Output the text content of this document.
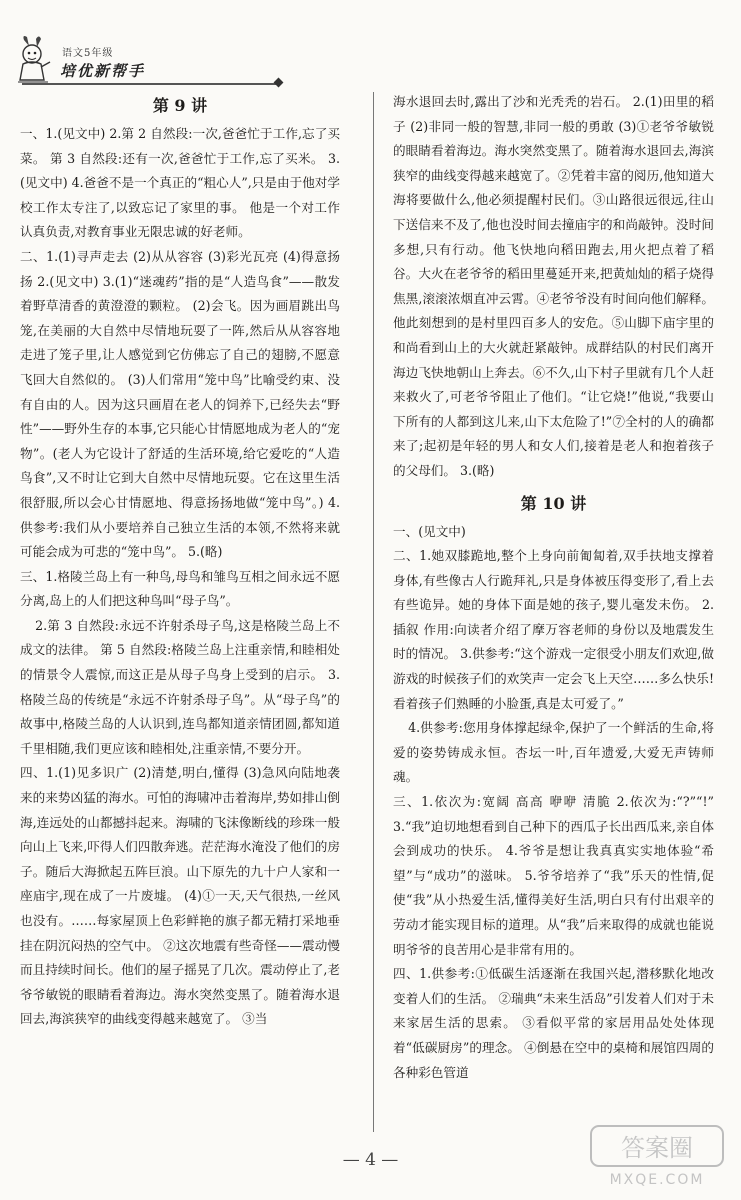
语文5年级
培优新帮手
第 9 讲

一、1.(见文中) 2.第 2 自然段:一次,爸爸忙于工作,忘了买菜。 第 3 自然段:还有一次,爸爸忙于工作,忘了买米。 3.(见文中) 4.爸爸不是一个真正的“粗心人”,只是由于他对学校工作太专注了,以致忘记了家里的事。 他是一个对工作认真负责,对教育事业无限忠诚的好老师。

二、1.(1)寻声走去 (2)从从容容 (3)彩光瓦亮 (4)得意扬扬 2.(见文中) 3.(1)“迷魂药”指的是“人造鸟食”——散发着野草清香的黄澄澄的颗粒。 (2)会飞。因为画眉跳出鸟笼,在美丽的大自然中尽情地玩耍了一阵,然后从从容容地走进了笼子里,让人感觉到它仿佛忘了自己的翅膀,不愿意飞回大自然似的。 (3)人们常用“笼中鸟”比喻受约束、没有自由的人。因为这只画眉在老人的饲养下,已经失去“野性”——野外生存的本事,它只能心甘情愿地成为老人的“宠物”。(老人为它设计了舒适的生活环境,给它爱吃的“人造鸟食”,又不时让它到大自然中尽情地玩耍。它在这里生活很舒服,所以会心甘情愿地、得意扬扬地做“笼中鸟”。) 4.供参考:我们从小要培养自己独立生活的本领,不然将来就可能会成为可悲的“笼中鸟”。 5.(略)

三、1.格陵兰岛上有一种鸟,母鸟和雏鸟互相之间永远不愿分离,岛上的人们把这种鸟叫“母子鸟”。

2.第 3 自然段:永远不许射杀母子鸟,这是格陵兰岛上不成文的法律。 第 5 自然段:格陵兰岛上注重亲情,和睦相处的情景令人震惊,而这正是从母子鸟身上受到的启示。 3.格陵兰岛的传统是“永远不许射杀母子鸟”。从“母子鸟”的故事中,格陵兰岛的人认识到,连鸟都知道亲情团圆,都知道千里相随,我们更应该和睦相处,注重亲情,不要分开。

四、1.(1)见多识广 (2)清楚,明白,懂得 (3)急风向陆地袭来的来势凶猛的海水。可怕的海啸冲击着海岸,势如排山倒海,连远处的山都撼抖起来。海啸的飞沫像断线的珍珠一般向山上飞来,吓得人们四散奔逃。茫茫海水淹没了他们的房子。随后大海掀起五阵巨浪。山下原先的九十户人家和一座庙宇,现在成了一片废墟。 (4)①一天,天气很热,一丝风也没有。……每家屋顶上色彩鲜艳的旗子都无精打采地垂挂在阴沉闷热的空气中。 ②这次地震有些奇怪——震动慢而且持续时间长。他们的屋子摇晃了几次。震动停止了,老爷爷敏锐的眼睛看着海边。海水突然变黑了。随着海水退回去,海滨狭窄的曲线变得越来越宽了。 ③当

海水退回去时,露出了沙和光秃秃的岩石。 2.(1)田里的稻子 (2)非同一般的智慧,非同一般的勇敢 (3)①老爷爷敏锐的眼睛看着海边。海水突然变黑了。随着海水退回去,海滨狭窄的曲线变得越来越宽了。②凭着丰富的阅历,他知道大海将要做什么,他必须提醒村民们。③山路很远很远,往山下送信来不及了,他也没时间去撞庙宇的和尚敲钟。没时间多想,只有行动。他飞快地向稻田跑去,用火把点着了稻谷。大火在老爷爷的稻田里蔓延开来,把黄灿灿的稻子烧得焦黑,滚滚浓烟直冲云霄。④老爷爷没有时间向他们解释。他此刻想到的是村里四百多人的安危。⑤山脚下庙宇里的和尚看到山上的大火就赶紧敲钟。成群结队的村民们离开海边飞快地朝山上奔去。⑥不久,山下村子里就有几个人赶来救火了,可老爷爷阻止了他们。“让它烧!”他说,“我要山下所有的人都到这儿来,山下太危险了!”⑦全村的人的确都来了;起初是年轻的男人和女人们,接着是老人和抱着孩子的父母们。 3.(略)

第 10 讲

一、(见文中)

二、1.她双膝跪地,整个上身向前匍匐着,双手扶地支撑着身体,有些像古人行跪拜礼,只是身体被压得变形了,看上去有些诡异。她的身体下面是她的孩子,婴儿毫发未伤。 2.插叙 作用:向读者介绍了摩万容老师的身份以及地震发生时的情况。 3.供参考:“这个游戏一定很受小朋友们欢迎,做游戏的时候孩子们的欢笑声一定会飞上天空……多么快乐!看着孩子们熟睡的小脸蛋,真是太可爱了。”

4.供参考:您用身体撑起绿伞,保护了一个鲜活的生命,将爱的姿势铸成永恒。杏坛一叶,百年遗爱,大爱无声铸师魂。

三、1.依次为:宽阔 高高 咿咿 清脆 2.依次为:“?”“!” 3.“我”迫切地想看到自己种下的西瓜子长出西瓜来,亲自体会到成功的快乐。 4.爷爷是想让我真真实实地体验“希望”与“成功”的滋味。 5.爷爷培养了“我”乐天的性情,促使“我”从小热爱生活,懂得美好生活,明白只有付出艰辛的劳动才能实现目标的道理。从“我”后来取得的成就也能说明爷爷的良苦用心是非常有用的。

四、1.供参考:①低碳生活逐渐在我国兴起,潜移默化地改变着人们的生活。 ②瑞典“未来生活岛”引发着人们对于未来家居生活的思索。 ③看似平常的家居用品处处体现着“低碳厨房”的理念。 ④倒悬在空中的桌椅和展馆四周的各种彩色管道

— 4 —	答案圈
MXQE.COM
